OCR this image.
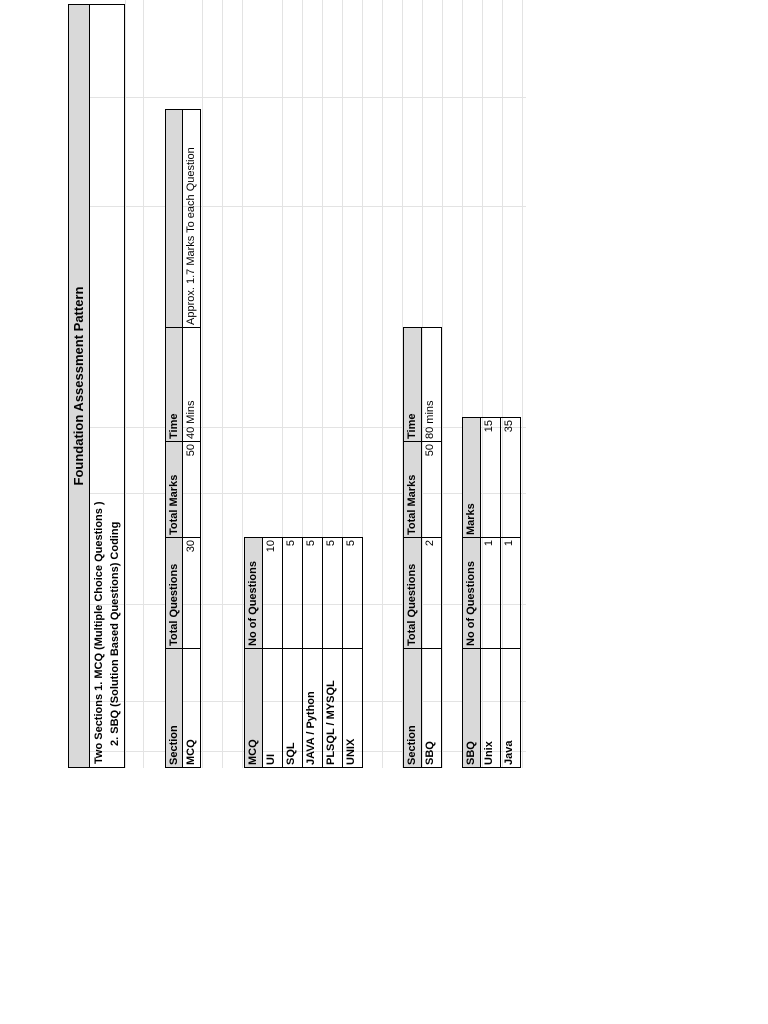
Foundation Assessment Pattern
Two Sections 1. MCQ (Multiple Choice Questions ) 2. SBQ (Solution Based Questions) Coding	Section
Total Questions
Total Marks
Time
MCQ
30
50
40 Mins
Approx. 1.7 Marks To each Question
MCQ
No of Questions
UI
10
SQL
5
JAVA / Python
5
PLSQL / MYSQL
5
UNIX
5
Section
Total Questions
Total Marks
Time
SBQ
2
50
80 mins
SBQ
No of Questions
Marks
Unix
1
15
Java
1
35
